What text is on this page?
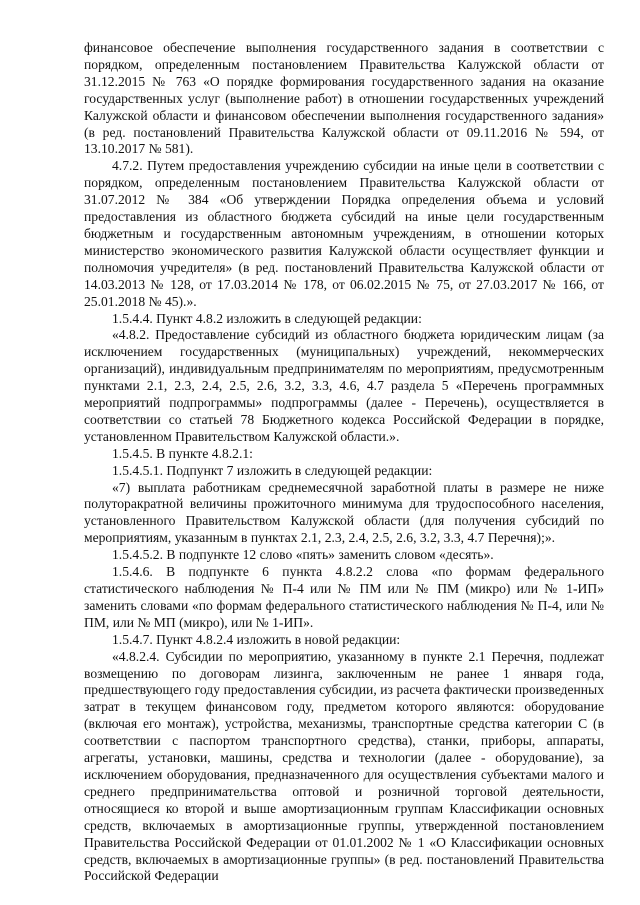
финансовое обеспечение выполнения государственного задания в соответствии с порядком, определенным постановлением Правительства Калужской области от 31.12.2015 № 763 «О порядке формирования государственного задания на оказание государственных услуг (выполнение работ) в отношении государственных учреждений Калужской области и финансовом обеспечении выполнения государственного задания» (в ред. постановлений Правительства Калужской области от 09.11.2016 № 594, от 13.10.2017 № 581).

4.7.2. Путем предоставления учреждению субсидии на иные цели в соответствии с порядком, определенным постановлением Правительства Калужской области от 31.07.2012 № 384 «Об утверждении Порядка определения объема и условий предоставления из областного бюджета субсидий на иные цели государственным бюджетным и государственным автономным учреждениям, в отношении которых министерство экономического развития Калужской области осуществляет функции и полномочия учредителя» (в ред. постановлений Правительства Калужской области от 14.03.2013 № 128, от 17.03.2014 № 178, от 06.02.2015 № 75, от 27.03.2017 № 166, от 25.01.2018 № 45).».

1.5.4.4. Пункт 4.8.2 изложить в следующей редакции:

«4.8.2. Предоставление субсидий из областного бюджета юридическим лицам (за исключением государственных (муниципальных) учреждений, некоммерческих организаций), индивидуальным предпринимателям по мероприятиям, предусмотренным пунктами 2.1, 2.3, 2.4, 2.5, 2.6, 3.2, 3.3, 4.6, 4.7 раздела 5 «Перечень программных мероприятий подпрограммы» подпрограммы (далее - Перечень), осуществляется в соответствии со статьей 78 Бюджетного кодекса Российской Федерации в порядке, установленном Правительством Калужской области.».

1.5.4.5. В пункте 4.8.2.1:

1.5.4.5.1. Подпункт 7 изложить в следующей редакции:

«7) выплата работникам среднемесячной заработной платы в размере не ниже полуторакратной величины прожиточного минимума для трудоспособного населения, установленного Правительством Калужской области (для получения субсидий по мероприятиям, указанным в пунктах 2.1, 2.3, 2.4, 2.5, 2.6, 3.2, 3.3, 4.7 Перечня);».

1.5.4.5.2. В подпункте 12 слово «пять» заменить словом «десять».

1.5.4.6. В подпункте 6 пункта 4.8.2.2 слова «по формам федерального статистического наблюдения № П-4 или № ПМ или № ПМ (микро) или № 1-ИП» заменить словами «по формам федерального статистического наблюдения № П-4, или № ПМ, или № МП (микро), или № 1-ИП».

1.5.4.7. Пункт 4.8.2.4 изложить в новой редакции:

«4.8.2.4. Субсидии по мероприятию, указанному в пункте 2.1 Перечня, подлежат возмещению по договорам лизинга, заключенным не ранее 1 января года, предшествующего году предоставления субсидии, из расчета фактически произведенных затрат в текущем финансовом году, предметом которого являются: оборудование (включая его монтаж), устройства, механизмы, транспортные средства категории С (в соответствии с паспортом транспортного средства), станки, приборы, аппараты, агрегаты, установки, машины, средства и технологии (далее - оборудование), за исключением оборудования, предназначенного для осуществления субъектами малого и среднего предпринимательства оптовой и розничной торговой деятельности, относящиеся ко второй и выше амортизационным группам Классификации основных средств, включаемых в амортизационные группы, утвержденной постановлением Правительства Российской Федерации от 01.01.2002 № 1 «О Классификации основных средств, включаемых в амортизационные группы» (в ред. постановлений Правительства Российской Федерации
